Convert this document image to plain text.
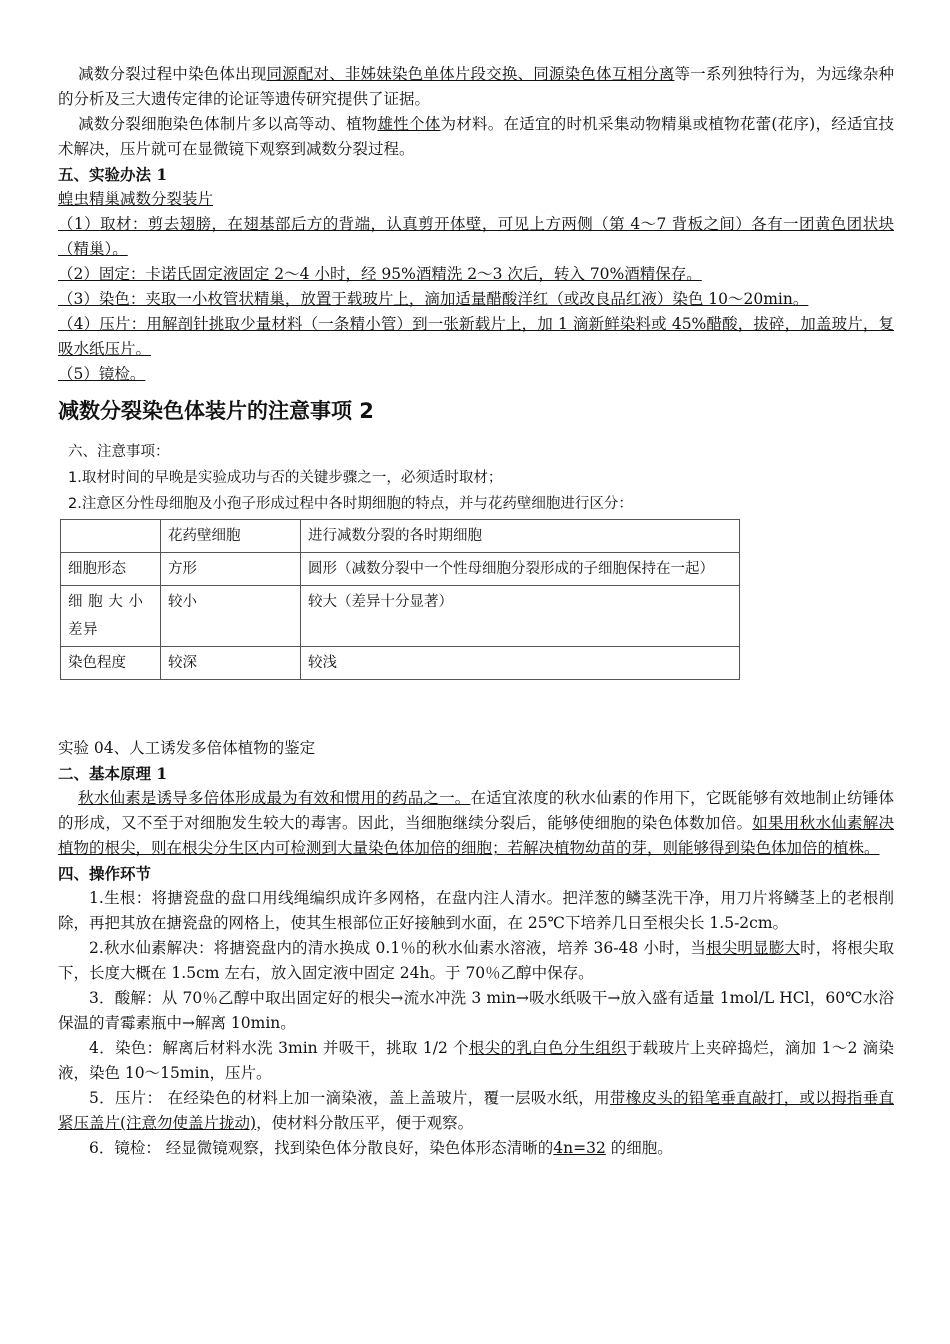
减数分裂过程中染色体出现同源配对、非姊妹染色单体片段交换、同源染色体互相分离等一系列独特行为，为远缘杂种的分析及三大遗传定律的论证等遗传研究提供了证据。

减数分裂细胞染色体制片多以高等动、植物雄性个体为材料。在适宜的时机采集动物精巢或植物花蕾(花序)，经适宜技术解决，压片就可在显微镜下观察到减数分裂过程。

五、实验办法 1

蝗虫精巢减数分裂装片

（1）取材：剪去翅膀，在翅基部后方的背端，认真剪开体壁，可见上方两侧（第 4～7 背板之间）各有一团黄色团状块（精巢）。

（2）固定：卡诺氏固定液固定 2～4 小时，经 95%酒精洗 2～3 次后，转入 70%酒精保存。

（3）染色：夹取一小枚管状精巢，放置于载玻片上，滴加适量醋酸洋红（或改良品红液）染色 10～20min。

（4）压片：用解剖针挑取少量材料（一条精小管）到一张新载片上，加 1 滴新鲜染料或 45%醋酸，拔碎，加盖玻片，复吸水纸压片。

（5）镜检。

减数分裂染色体装片的注意事项 2
六、注意事项：
1.取材时间的早晚是实验成功与否的关键步骤之一，必须适时取材；
2.注意区分性母细胞及小孢子形成过程中各时期细胞的特点，并与花药壁细胞进行区分：
	花药壁细胞	进行减数分裂的各时期细胞
细胞形态	方形	圆形（减数分裂中一个性母细胞分裂形成的子细胞保持在一起）
细 胞 大 小 差异	较小	较大（差异十分显著）
染色程度	较深	较浅

实验 04、人工诱发多倍体植物的鉴定

二、基本原理 1

秋水仙素是诱导多倍体形成最为有效和惯用的药品之一。在适宜浓度的秋水仙素的作用下，它既能够有效地制止纺锤体的形成，又不至于对细胞发生较大的毒害。因此，当细胞继续分裂后，能够使细胞的染色体数加倍。如果用秋水仙素解决植物的根尖，则在根尖分生区内可检测到大量染色体加倍的细胞；若解决植物幼苗的芽，则能够得到染色体加倍的植株。

四、操作环节

1.生根：将搪瓷盘的盘口用线绳编织成许多网格，在盘内注人清水。把洋葱的鳞茎洗干净，用刀片将鳞茎上的老根削除，再把其放在搪瓷盘的网格上，使其生根部位正好接触到水面，在 25℃下培养几日至根尖长 1.5-2cm。

2.秋水仙素解决：将搪瓷盘内的清水换成 0.1％的秋水仙素水溶液，培养 36-48 小时，当根尖明显膨大时，将根尖取下，长度大概在 1.5cm 左右，放入固定液中固定 24h。于 70％乙醇中保存。

3．酸解：从 70％乙醇中取出固定好的根尖→流水冲洗 3 min→吸水纸吸干→放入盛有适量 1mol/L HCl，60℃水浴保温的青霉素瓶中→解离 10min。

4．染色：解离后材料水洗 3min 并吸干，挑取 1/2 个根尖的乳白色分生组织于载玻片上夹碎捣烂，滴加 1～2 滴染液，染色 10～15min，压片。

5．压片： 在经染色的材料上加一滴染液，盖上盖玻片，覆一层吸水纸，用带橡皮头的铅笔垂直敲打，或以拇指垂直紧压盖片(注意勿使盖片拢动)，使材料分散压平，便于观察。

6．镜检： 经显微镜观察，找到染色体分散良好，染色体形态清晰的4n=32 的细胞。
